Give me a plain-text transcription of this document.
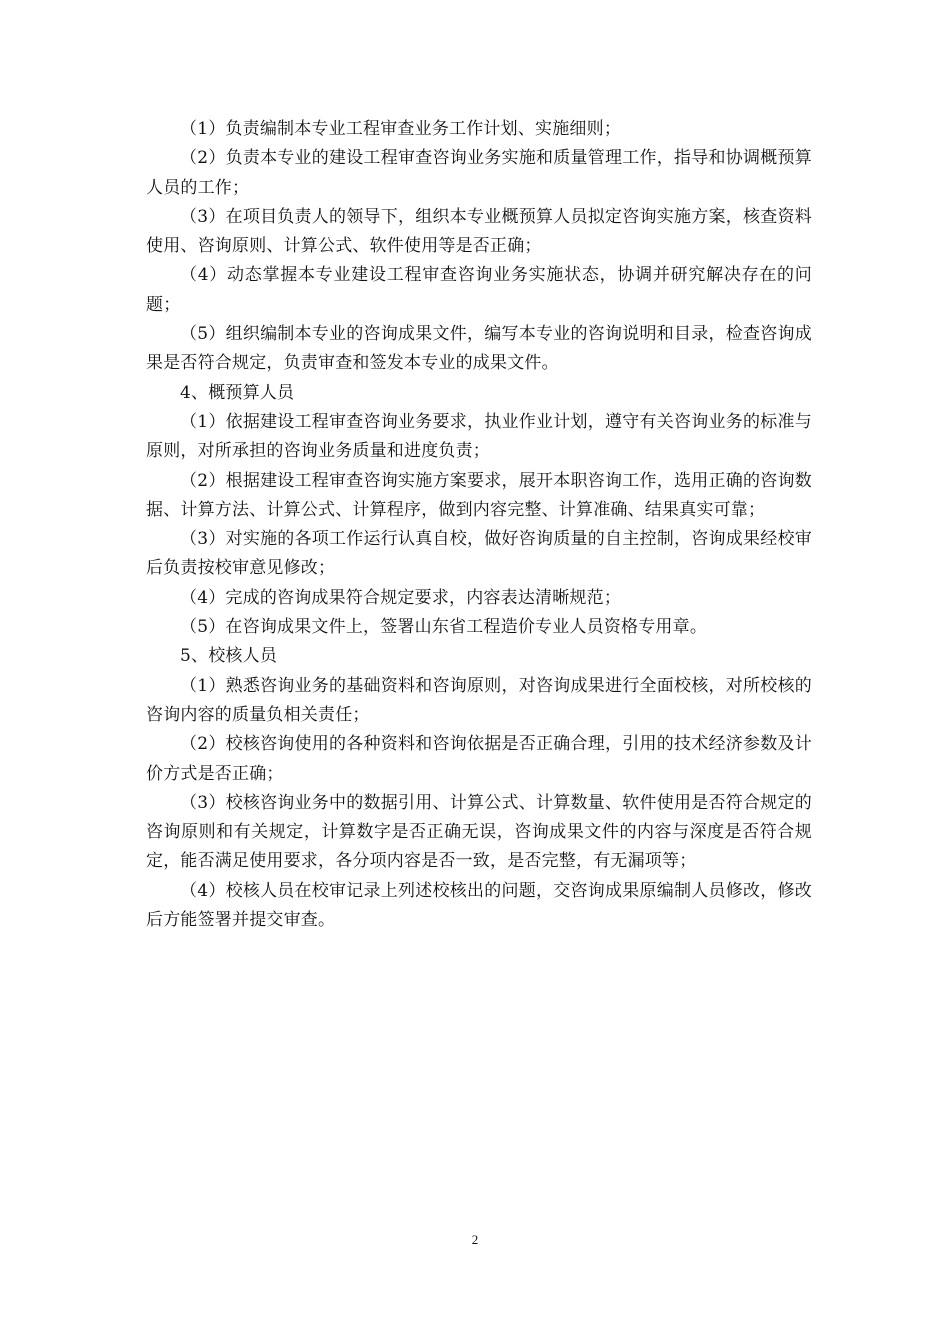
（1）负责编制本专业工程审查业务工作计划、实施细则；

（2）负责本专业的建设工程审查咨询业务实施和质量管理工作，指导和协调概预算人员的工作；

（3）在项目负责人的领导下，组织本专业概预算人员拟定咨询实施方案，核查资料使用、咨询原则、计算公式、软件使用等是否正确；

（4）动态掌握本专业建设工程审查咨询业务实施状态，协调并研究解决存在的问题；

（5）组织编制本专业的咨询成果文件，编写本专业的咨询说明和目录，检查咨询成果是否符合规定，负责审查和签发本专业的成果文件。

4、概预算人员

（1）依据建设工程审查咨询业务要求，执业作业计划，遵守有关咨询业务的标准与原则，对所承担的咨询业务质量和进度负责；

（2）根据建设工程审查咨询实施方案要求，展开本职咨询工作，选用正确的咨询数据、计算方法、计算公式、计算程序，做到内容完整、计算准确、结果真实可靠；

（3）对实施的各项工作运行认真自校，做好咨询质量的自主控制，咨询成果经校审后负责按校审意见修改；

（4）完成的咨询成果符合规定要求，内容表达清晰规范；

（5）在咨询成果文件上，签署山东省工程造价专业人员资格专用章。

5、校核人员

（1）熟悉咨询业务的基础资料和咨询原则，对咨询成果进行全面校核，对所校核的咨询内容的质量负相关责任；

（2）校核咨询使用的各种资料和咨询依据是否正确合理，引用的技术经济参数及计价方式是否正确；

（3）校核咨询业务中的数据引用、计算公式、计算数量、软件使用是否符合规定的咨询原则和有关规定，计算数字是否正确无误，咨询成果文件的内容与深度是否符合规定，能否满足使用要求，各分项内容是否一致，是否完整，有无漏项等；

（4）校核人员在校审记录上列述校核出的问题，交咨询成果原编制人员修改，修改后方能签署并提交审查。

2
